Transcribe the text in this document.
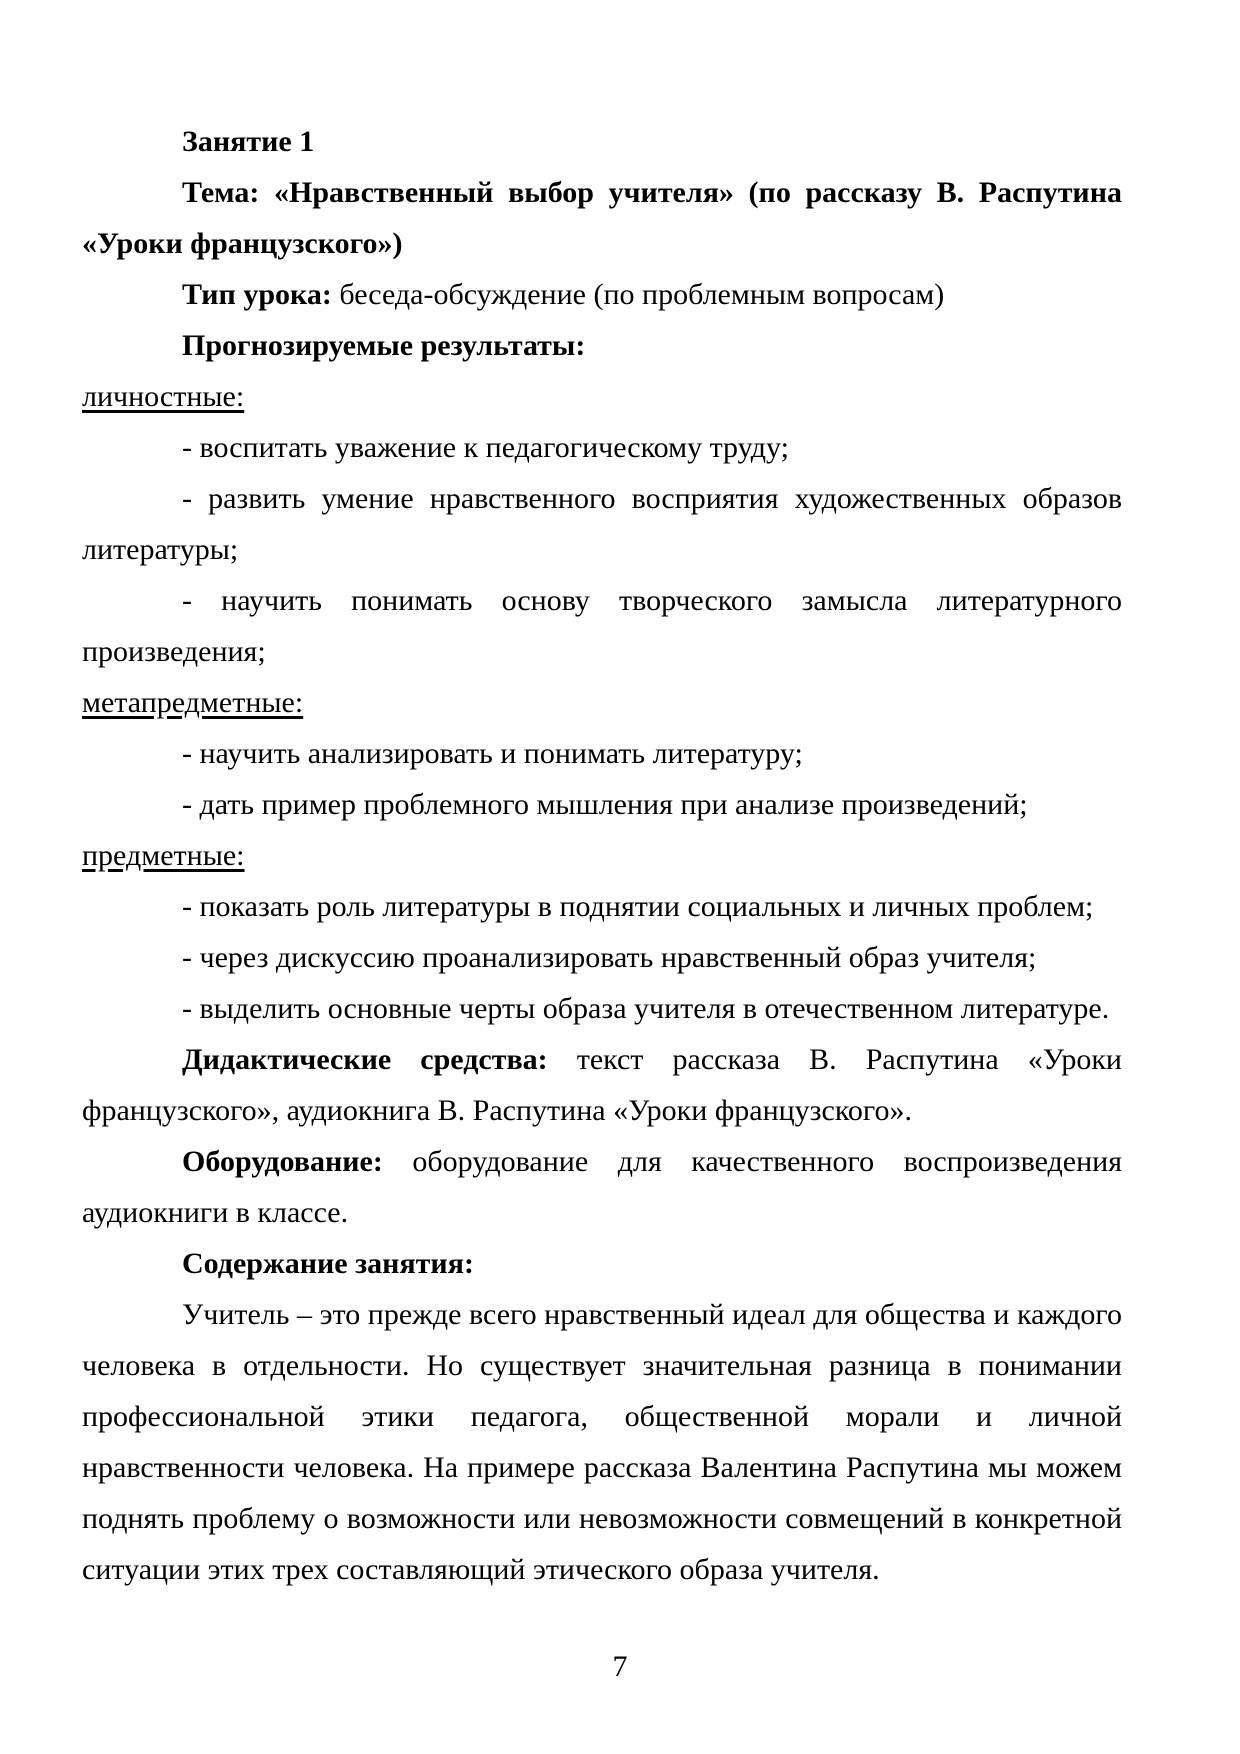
Занятие 1
Тема: «Нравственный выбор учителя» (по рассказу В. Распутина
«Уроки французского»)
Тип урока: беседа-обсуждение (по проблемным вопросам)
Прогнозируемые результаты:
личностные:
- воспитать уважение к педагогическому труду;
- развить умение нравственного восприятия художественных образов
литературы;
- научить понимать основу творческого замысла литературного
произведения;
метапредметные:
- научить анализировать и понимать литературу;
- дать пример проблемного мышления при анализе произведений;
предметные:
- показать роль литературы в поднятии социальных и личных проблем;
- через дискуссию проанализировать нравственный образ учителя;
- выделить основные черты образа учителя в отечественном литературе.
Дидактические средства: текст рассказа В. Распутина «Уроки
французского», аудиокнига В. Распутина «Уроки французского».
Оборудование: оборудование для качественного воспроизведения
аудиокниги в классе.
Содержание занятия:
Учитель – это прежде всего нравственный идеал для общества и каждого
человека в отдельности. Но существует значительная разница в понимании
профессиональной этики педагога, общественной морали и личной
нравственности человека. На примере рассказа Валентина Распутина мы можем
поднять проблему о возможности или невозможности совмещений в конкретной
ситуации этих трех составляющий этического образа учителя.
7
